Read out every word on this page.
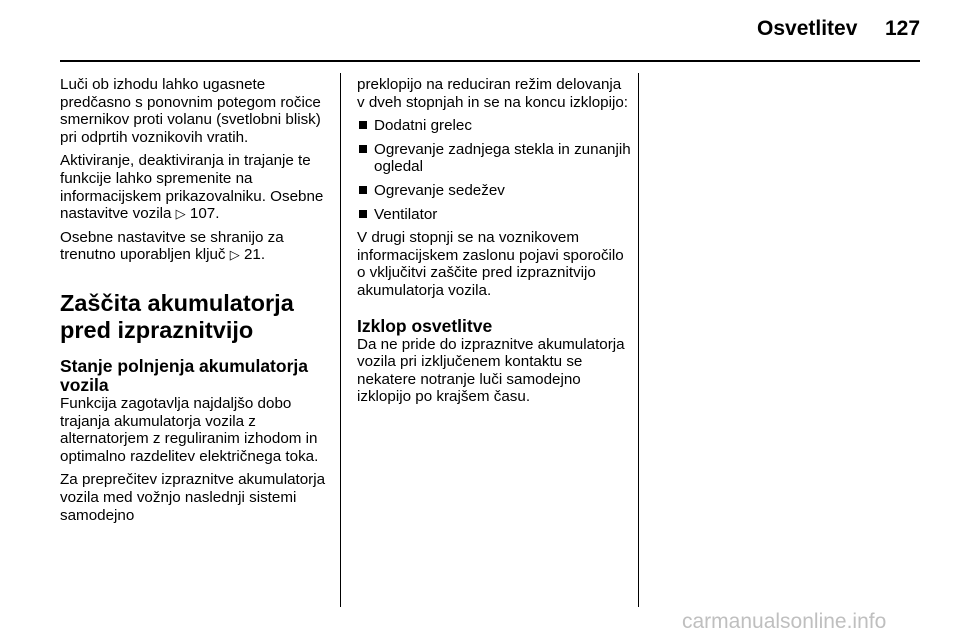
Osvetlitev 127

Luči ob izhodu lahko ugasnete predčasno s ponovnim potegom ročice smernikov proti volanu (svetlobni blisk) pri odprtih voznikovih vratih.

Aktiviranje, deaktiviranja in trajanje te funkcije lahko spremenite na informacijskem prikazovalniku. Osebne nastavitve vozila ▷ 107.

Osebne nastavitve se shranijo za trenutno uporabljen ključ ▷ 21.

Zaščita akumulatorja pred izpraznitvijo
Stanje polnjenja akumulatorja vozila

Funkcija zagotavlja najdaljšo dobo trajanja akumulatorja vozila z alternatorjem z reguliranim izhodom in optimalno razdelitev električnega toka.

Za preprečitev izpraznitve akumulatorja vozila med vožnjo naslednji sistemi samodejno

preklopijo na reduciran režim delovanja v dveh stopnjah in se na koncu izklopijo:

Dodatni grelec
Ogrevanje zadnjega stekla in zunanjih ogledal
Ogrevanje sedežev
Ventilator

V drugi stopnji se na voznikovem informacijskem zaslonu pojavi sporočilo o vključitvi zaščite pred izpraznitvijo akumulatorja vozila.

Izklop osvetlitve

Da ne pride do izpraznitve akumulatorja vozila pri izključenem kontaktu se nekatere notranje luči samodejno izklopijo po krajšem času.

carmanualsonline.info
